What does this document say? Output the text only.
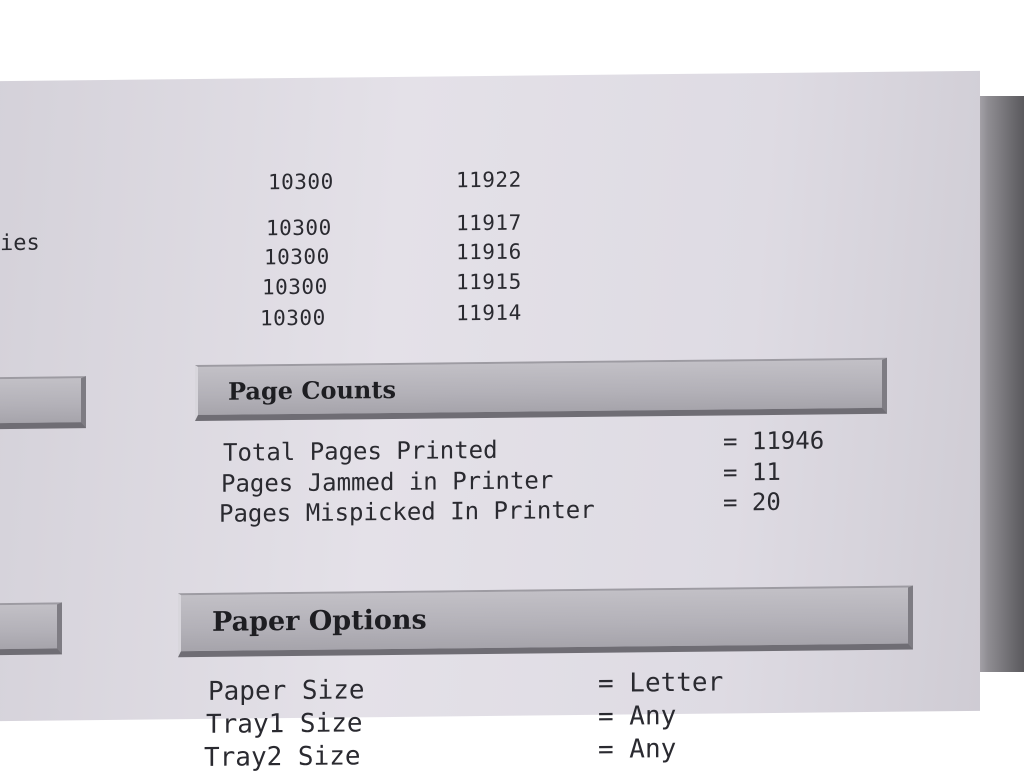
ies
10300	11922
10300	11917
10300	11916
10300	11915
10300	11914
Page Counts
Total Pages Printed	= 11946
Pages Jammed in Printer	= 11
Pages Mispicked In Printer	= 20
Paper Options
Paper Size	= Letter
Tray1 Size	= Any
Tray2 Size	= Any
